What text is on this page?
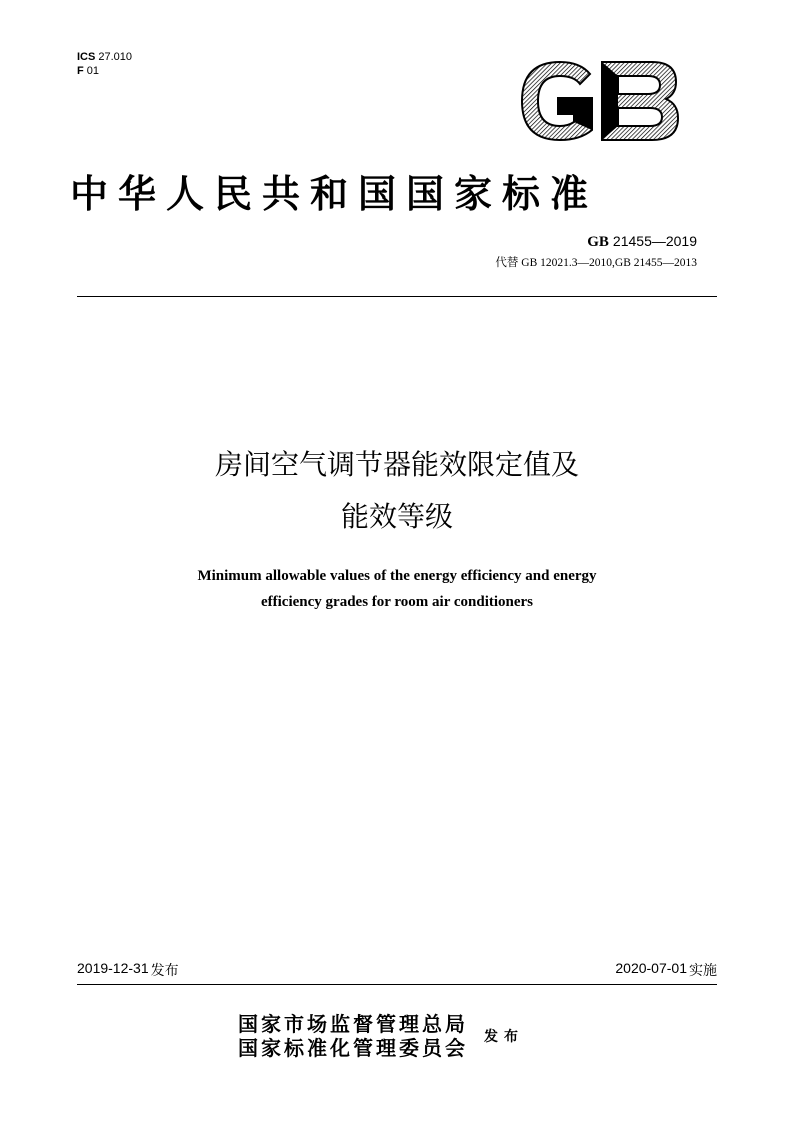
ICS 27.010
F 01
中华人民共和国国家标准
GB 21455—2019
代替 GB 12021.3—2010,GB 21455—2013
房间空气调节器能效限定值及
能效等级
Minimum allowable values of the energy efficiency and energy
efficiency grades for room air conditioners
2019-12-31 发布	2020-07-01 实施
国家市场监督管理总局
国家标准化管理委员会 发布
